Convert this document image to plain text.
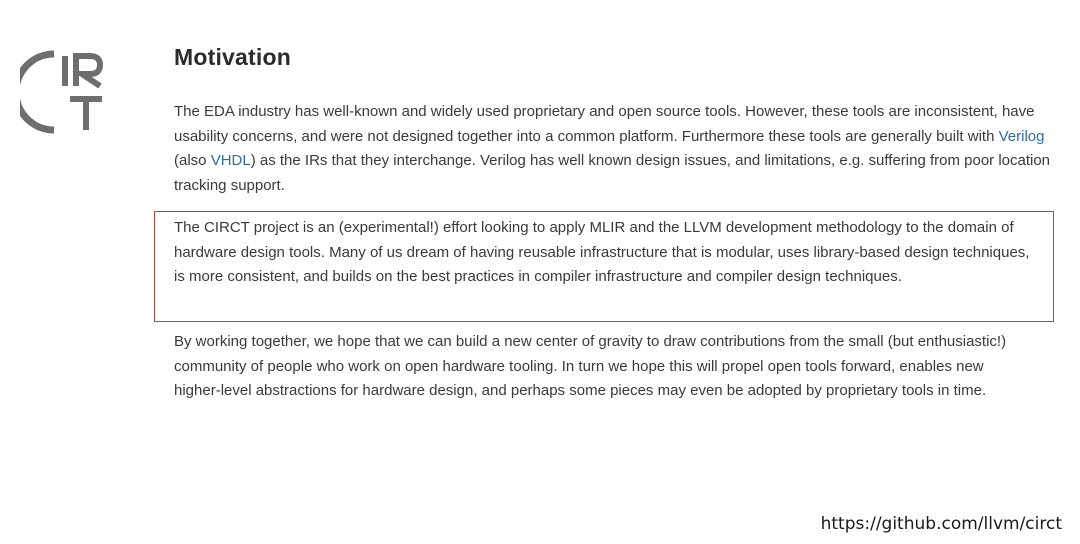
Motivation

The EDA industry has well-known and widely used proprietary and open source tools. However, these tools are inconsistent, have usability concerns, and were not designed together into a common platform. Furthermore these tools are generally built with Verilog (also VHDL) as the IRs that they interchange. Verilog has well known design issues, and limitations, e.g. suffering from poor location tracking support.

The CIRCT project is an (experimental!) effort looking to apply MLIR and the LLVM development methodology to the domain of hardware design tools. Many of us dream of having reusable infrastructure that is modular, uses library-based design techniques, is more consistent, and builds on the best practices in compiler infrastructure and compiler design techniques.

By working together, we hope that we can build a new center of gravity to draw contributions from the small (but enthusiastic!) community of people who work on open hardware tooling. In turn we hope this will propel open tools forward, enables new higher-level abstractions for hardware design, and perhaps some pieces may even be adopted by proprietary tools in time.

https://github.com/llvm/circt
